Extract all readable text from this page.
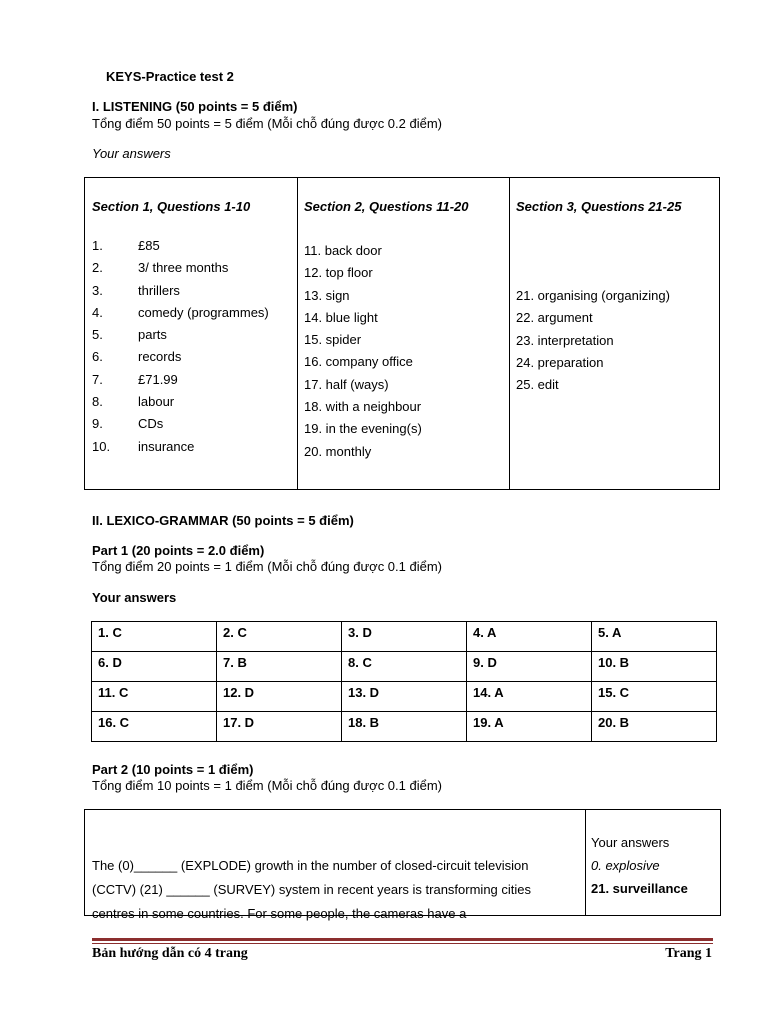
KEYS-Practice test 2
I. LISTENING (50 points = 5 điểm)
Tổng điểm 50 points = 5 điểm (Mỗi chỗ đúng được 0.2 điểm)
Your answers
Section 1, Questions 1-10
1.	£85
2.	3/ three months
3.	thrillers
4.	comedy (programmes)
5.	parts
6.	records
7.	£71.99
8.	labour
9.	CDs
10. insurance
Section 2, Questions 11-20
11. back door
12. top floor
13. sign
14. blue light
15. spider
16. company office
17. half (ways)
18. with a neighbour
19. in the evening(s)
20. monthly
Section 3, Questions 21-25
21. organising (organizing)
22. argument
23. interpretation
24. preparation
25. edit
II. LEXICO-GRAMMAR (50 points = 5 điểm)
Part 1 (20 points = 2.0 điểm)
Tổng điểm 20 points = 1 điểm (Mỗi chỗ đúng được 0.1 điểm)
Your answers
1. C	2. C	3. D	4. A	5. A
6. D	7. B	8. C	9. D	10. B
11. C	12. D	13. D	14. A	15. C
16. C	17. D	18. B	19. A	20. B
Part 2 (10 points = 1 điểm)
Tổng điểm 10 points = 1 điểm (Mỗi chỗ đúng được 0.1 điểm)
The (0)______ (EXPLODE) growth in the number of closed-circuit television
(CCTV) (21) ______ (SURVEY) system in recent years is transforming cities
centres in some countries. For some people, the cameras have a
Your answers
0. explosive
21. surveillance
Bản hướng dẫn có 4 trang	Trang 1
